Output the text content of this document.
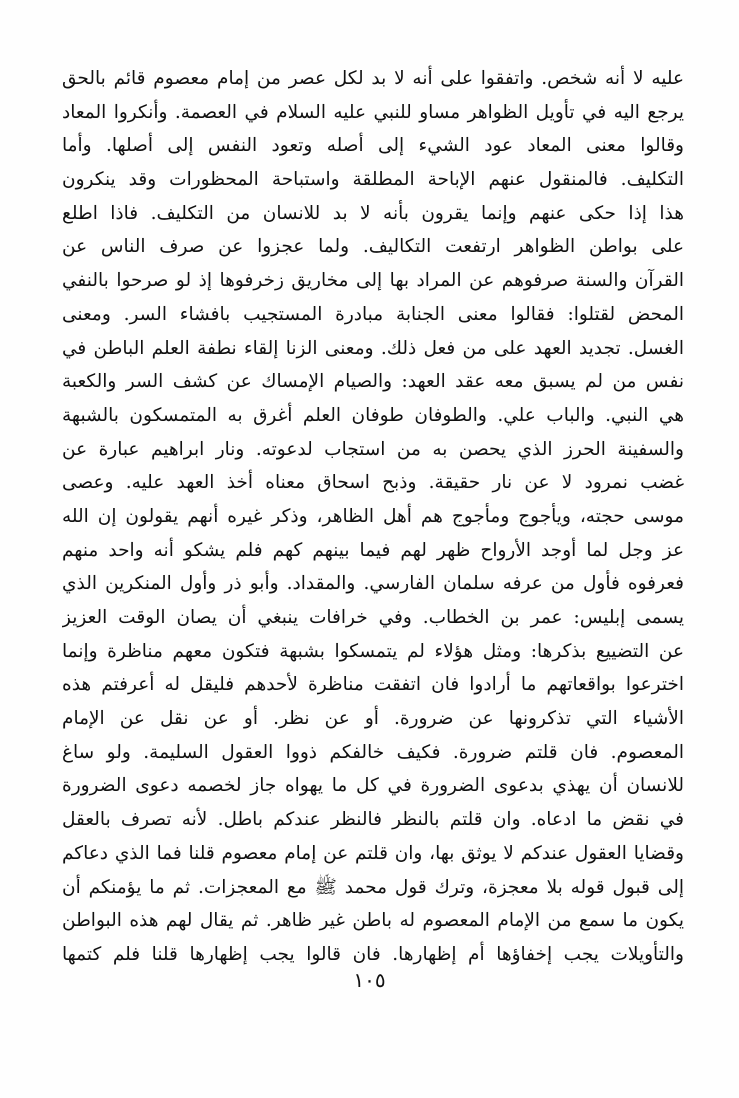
عليه لا أنه شخص. واتفقوا على أنه لا بد لكل عصر من إمام معصوم قائم بالحق
يرجع اليه في تأويل الظواهر مساو للنبي عليه السلام في العصمة. وأنكروا المعاد
وقالوا معنى المعاد عود الشيء إلى أصله وتعود النفس إلى أصلها. وأما
التكليف. فالمنقول عنهم الإباحة المطلقة واستباحة المحظورات وقد ينكرون
هذا إذا حكى عنهم وإنما يقرون بأنه لا بد للانسان من التكليف. فاذا اطلع
على بواطن الظواهر ارتفعت التكاليف. ولما عجزوا عن صرف الناس عن
القرآن والسنة صرفوهم عن المراد بها إلى مخاريق زخرفوها إذ لو صرحوا بالنفي
المحض لقتلوا: فقالوا معنى الجنابة مبادرة المستجيب بافشاء السر. ومعنى
الغسل. تجديد العهد على من فعل ذلك. ومعنى الزنا إلقاء نطفة العلم الباطن في
نفس من لم يسبق معه عقد العهد: والصيام الإمساك عن كشف السر والكعبة
هي النبي. والباب علي. والطوفان طوفان العلم أغرق به المتمسكون بالشبهة
والسفينة الحرز الذي يحصن به من استجاب لدعوته. ونار ابراهيم عبارة عن
غضب نمرود لا عن نار حقيقة. وذبح اسحاق معناه أخذ العهد عليه. وعصى
موسى حجته، ويأجوج ومأجوج هم أهل الظاهر، وذكر غيره أنهم يقولون إن الله
عز وجل لما أوجد الأرواح ظهر لهم فيما بينهم كهم فلم يشكو أنه واحد منهم
فعرفوه فأول من عرفه سلمان الفارسي. والمقداد. وأبو ذر وأول المنكرين الذي
يسمى إبليس: عمر بن الخطاب. وفي خرافات ينبغي أن يصان الوقت العزيز
عن التضييع بذكرها: ومثل هؤلاء لم يتمسكوا بشبهة فتكون معهم مناظرة وإنما
اخترعوا بواقعاتهم ما أرادوا فان اتفقت مناظرة لأحدهم فليقل له أعرفتم هذه
الأشياء التي تذكرونها عن ضرورة. أو عن نظر. أو عن نقل عن الإمام
المعصوم. فان قلتم ضرورة. فكيف خالفكم ذووا العقول السليمة. ولو ساغ
للانسان أن يهذي بدعوى الضرورة في كل ما يهواه جاز لخصمه دعوى الضرورة
في نقض ما ادعاه. وان قلتم بالنظر فالنظر عندكم باطل. لأنه تصرف بالعقل
وقضايا العقول عندكم لا يوثق بها، وان قلتم عن إمام معصوم قلنا فما الذي دعاكم
إلى قبول قوله بلا معجزة، وترك قول محمد ﷺ مع المعجزات. ثم ما يؤمنكم أن
يكون ما سمع من الإمام المعصوم له باطن غير ظاهر. ثم يقال لهم هذه البواطن
والتأويلات يجب إخفاؤها أم إظهارها. فان قالوا يجب إظهارها قلنا فلم كتمها
١٠٥
